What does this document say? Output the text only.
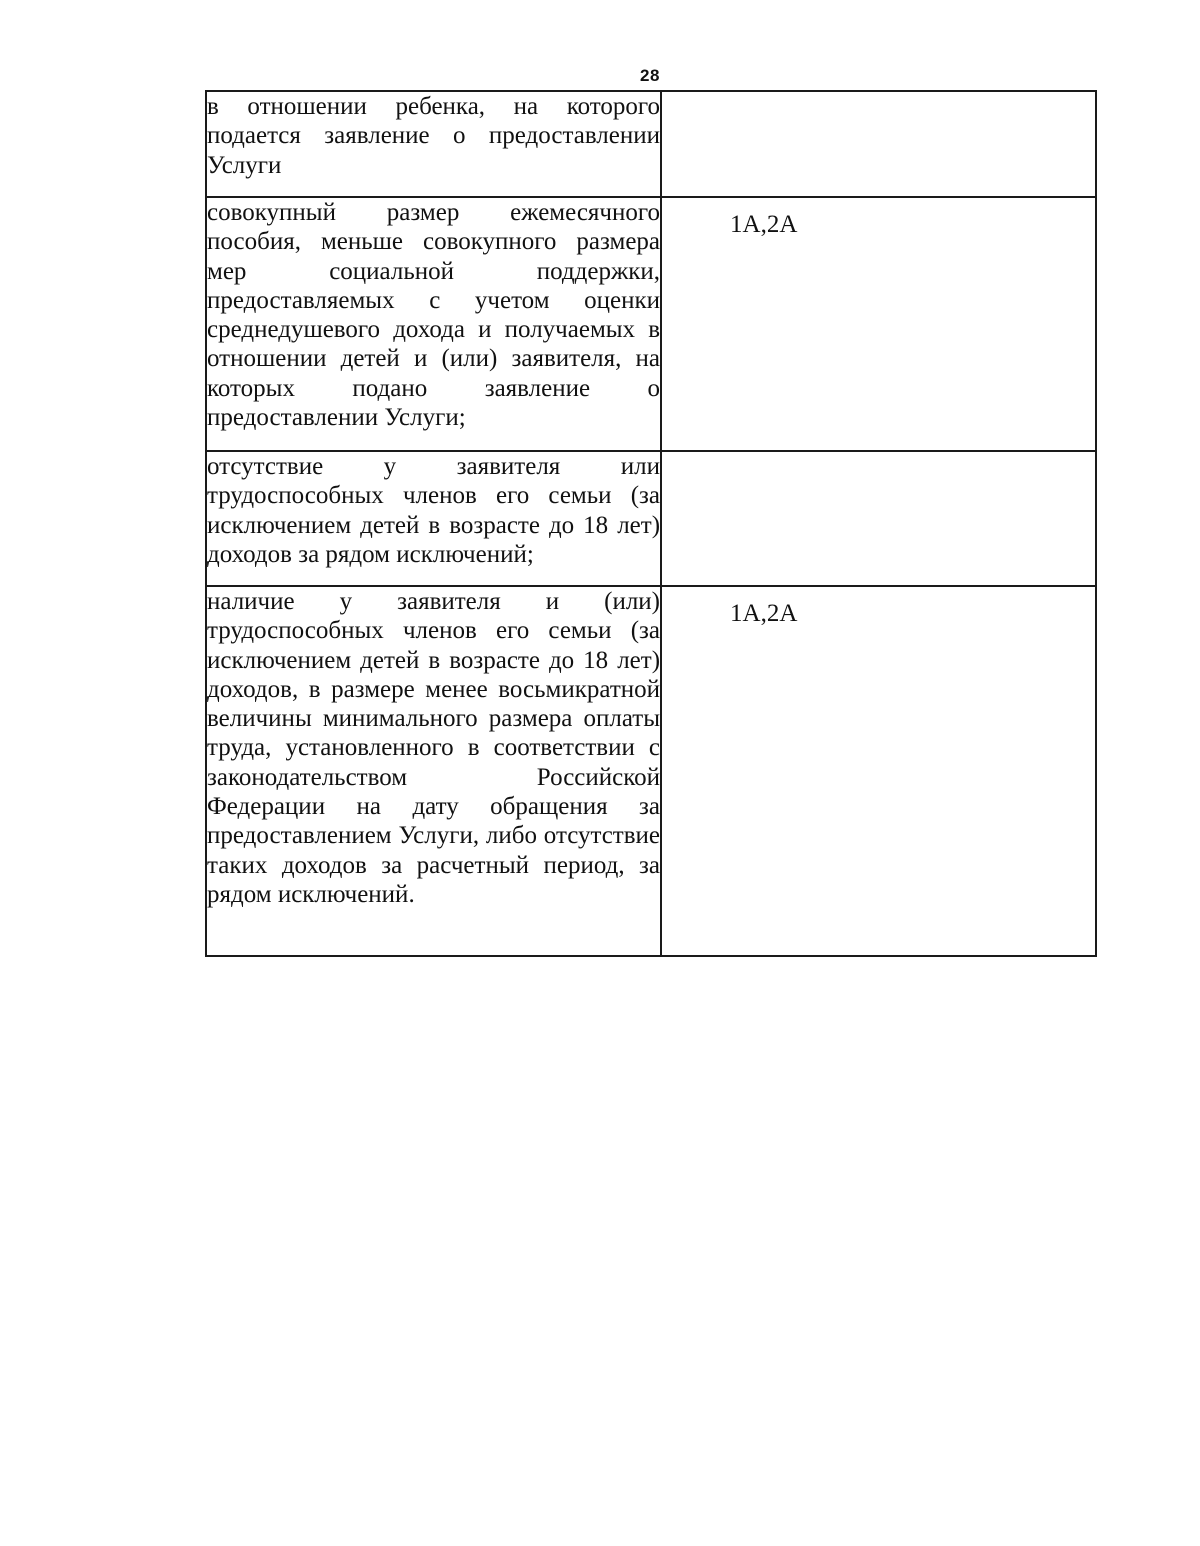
28
в отношении ребенка, на которого подается заявление о предоставлении Услуги	

совокупный размер ежемесячного пособия, меньше совокупного размера мер социальной поддержки, предоставляемых с учетом оценки среднедушевого дохода и получаемых в отношении детей и (или) заявителя, на которых подано заявление о предоставлении Услуги;	1А,2А

отсутствие у заявителя или трудоспособных членов его семьи (за исключением детей в возрасте до 18 лет) доходов за рядом исключений;	

наличие у заявителя и (или) трудоспособных членов его семьи (за исключением детей в возрасте до 18 лет) доходов, в размере менее восьмикратной величины минимального размера оплаты труда, установленного в соответствии с законодательством Российской Федерации на дату обращения за предоставлением Услуги, либо отсутствие таких доходов за расчетный период, за рядом исключений.	1А,2А
